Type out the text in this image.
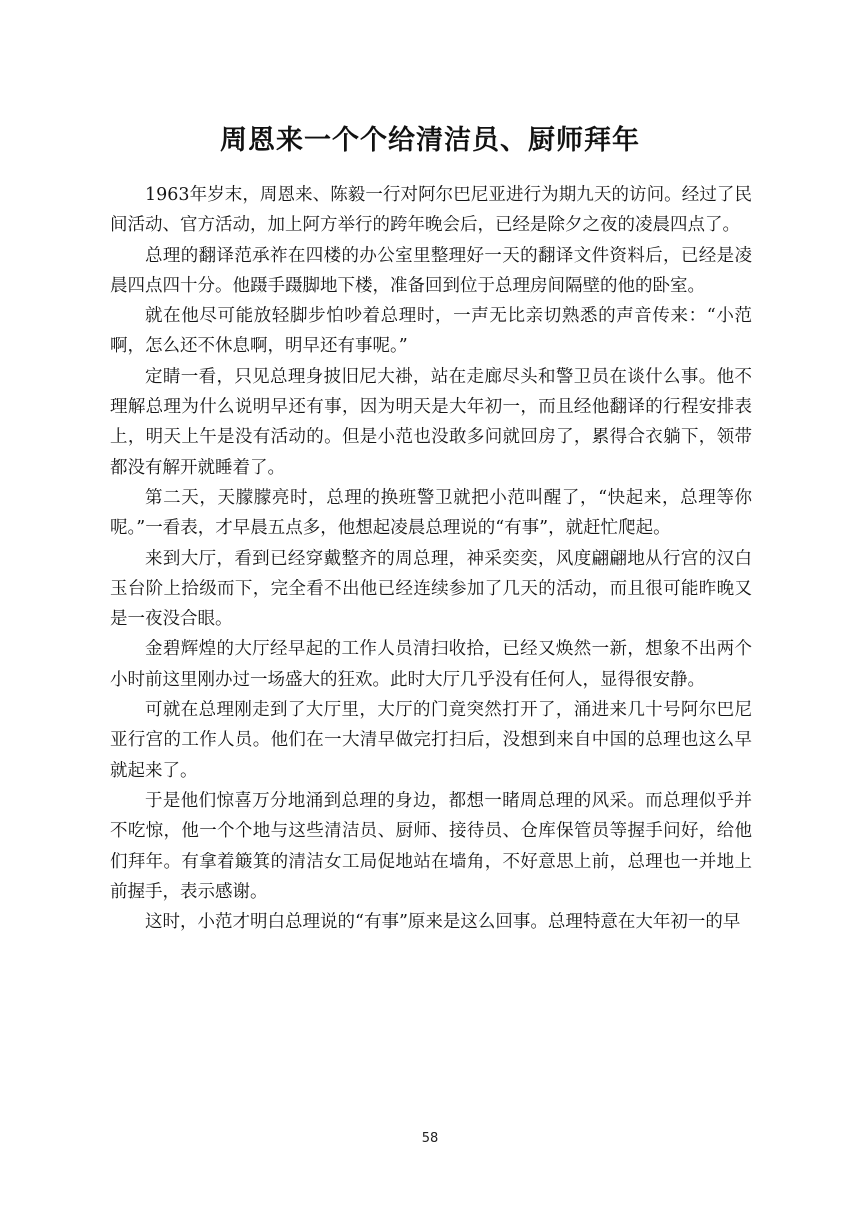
周恩来一个个给清洁员、厨师拜年

1963年岁末，周恩来、陈毅一行对阿尔巴尼亚进行为期九天的访问。经过了民间活动、官方活动，加上阿方举行的跨年晚会后，已经是除夕之夜的凌晨四点了。

总理的翻译范承祚在四楼的办公室里整理好一天的翻译文件资料后，已经是凌晨四点四十分。他蹑手蹑脚地下楼，准备回到位于总理房间隔壁的他的卧室。

就在他尽可能放轻脚步怕吵着总理时，一声无比亲切熟悉的声音传来：“小范啊，怎么还不休息啊，明早还有事呢。”

定睛一看，只见总理身披旧尼大褂，站在走廊尽头和警卫员在谈什么事。他不理解总理为什么说明早还有事，因为明天是大年初一，而且经他翻译的行程安排表上，明天上午是没有活动的。但是小范也没敢多问就回房了，累得合衣躺下，领带都没有解开就睡着了。

第二天，天朦朦亮时，总理的换班警卫就把小范叫醒了，“快起来，总理等你呢。”一看表，才早晨五点多，他想起凌晨总理说的“有事”，就赶忙爬起。

来到大厅，看到已经穿戴整齐的周总理，神采奕奕，风度翩翩地从行宫的汉白玉台阶上拾级而下，完全看不出他已经连续参加了几天的活动，而且很可能昨晚又是一夜没合眼。

金碧辉煌的大厅经早起的工作人员清扫收拾，已经又焕然一新，想象不出两个小时前这里刚办过一场盛大的狂欢。此时大厅几乎没有任何人，显得很安静。

可就在总理刚走到了大厅里，大厅的门竟突然打开了，涌进来几十号阿尔巴尼亚行宫的工作人员。他们在一大清早做完打扫后，没想到来自中国的总理也这么早就起来了。

于是他们惊喜万分地涌到总理的身边，都想一睹周总理的风采。而总理似乎并不吃惊，他一个个地与这些清洁员、厨师、接待员、仓库保管员等握手问好，给他们拜年。有拿着簸箕的清洁女工局促地站在墙角，不好意思上前，总理也一并地上前握手，表示感谢。

这时，小范才明白总理说的“有事”原来是这么回事。总理特意在大年初一的早

58
